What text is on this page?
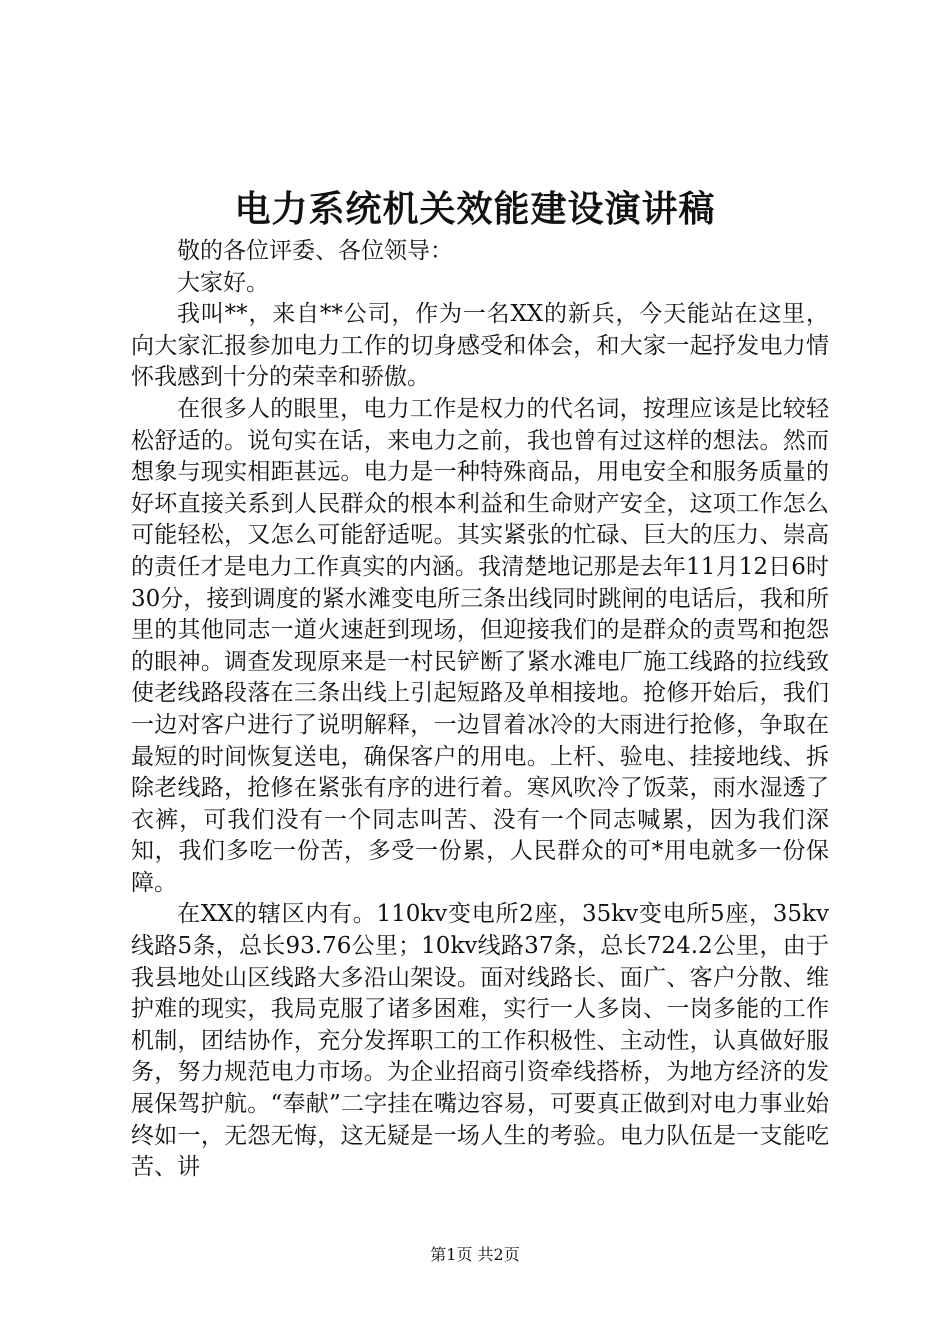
电力系统机关效能建设演讲稿

敬的各位评委、各位领导：

大家好。

我叫**，来自**公司，作为一名XX的新兵，今天能站在这里，向大家汇报参加电力工作的切身感受和体会，和大家一起抒发电力情怀我感到十分的荣幸和骄傲。

在很多人的眼里，电力工作是权力的代名词，按理应该是比较轻松舒适的。说句实在话，来电力之前，我也曾有过这样的想法。然而想象与现实相距甚远。电力是一种特殊商品，用电安全和服务质量的好坏直接关系到人民群众的根本利益和生命财产安全，这项工作怎么可能轻松，又怎么可能舒适呢。其实紧张的忙碌、巨大的压力、崇高的责任才是电力工作真实的内涵。我清楚地记那是去年11月12日6时30分，接到调度的紧水滩变电所三条出线同时跳闸的电话后，我和所里的其他同志一道火速赶到现场，但迎接我们的是群众的责骂和抱怨的眼神。调查发现原来是一村民铲断了紧水滩电厂施工线路的拉线致使老线路段落在三条出线上引起短路及单相接地。抢修开始后，我们一边对客户进行了说明解释，一边冒着冰冷的大雨进行抢修，争取在最短的时间恢复送电，确保客户的用电。上杆、验电、挂接地线、拆除老线路，抢修在紧张有序的进行着。寒风吹冷了饭菜，雨水湿透了衣裤，可我们没有一个同志叫苦、没有一个同志喊累，因为我们深知，我们多吃一份苦，多受一份累，人民群众的可*用电就多一份保障。

在XX的辖区内有。110kv变电所2座，35kv变电所5座，35kv线路5条，总长93.76公里；10kv线路37条，总长724.2公里，由于我县地处山区线路大多沿山架设。面对线路长、面广、客户分散、维护难的现实，我局克服了诸多困难，实行一人多岗、一岗多能的工作机制，团结协作，充分发挥职工的工作积极性、主动性，认真做好服务，努力规范电力市场。为企业招商引资牵线搭桥，为地方经济的发展保驾护航。“奉献”二字挂在嘴边容易，可要真正做到对电力事业始终如一，无怨无悔，这无疑是一场人生的考验。电力队伍是一支能吃苦、讲

第1页 共2页
